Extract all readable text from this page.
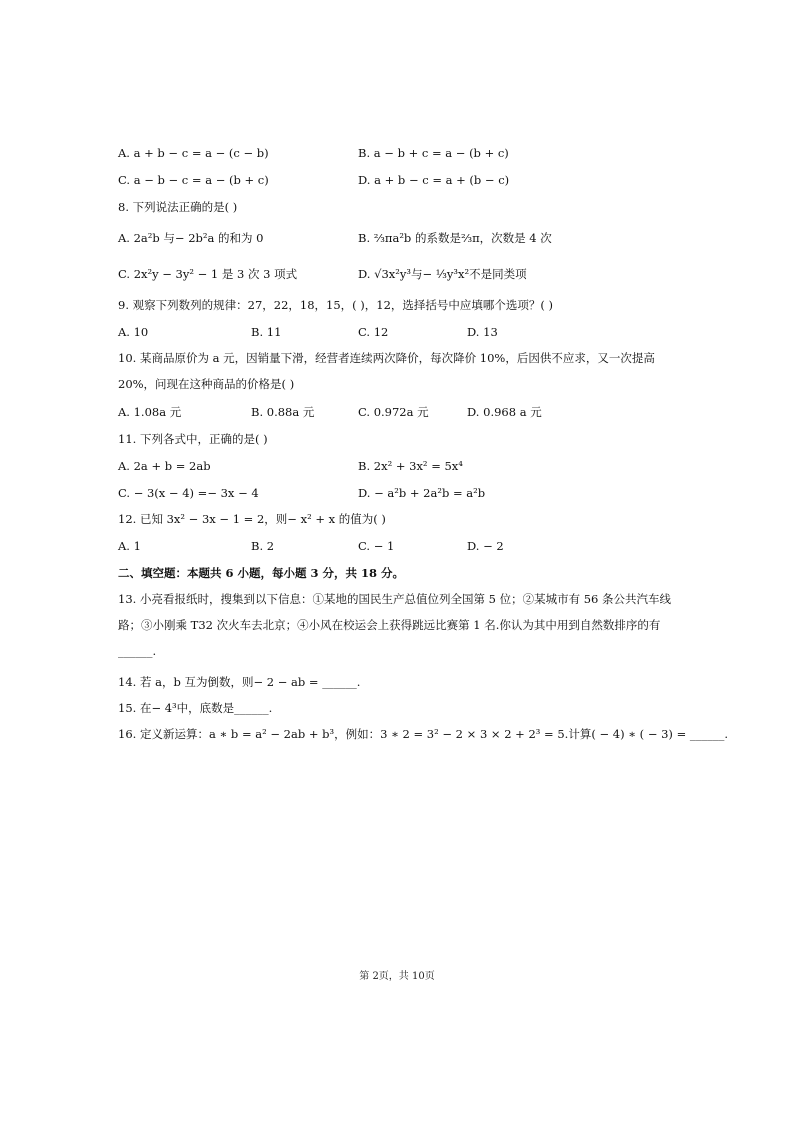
A. a + b − c = a − (c − b)	B. a − b + c = a − (b + c)
C. a − b − c = a − (b + c)	D. a + b − c = a + (b − c)
8. 下列说法正确的是( )
A. 2a²b 与− 2b²a 的和为 0	B. ⅔πa²b 的系数是⅔π，次数是 4 次
C. 2x²y − 3y² − 1 是 3 次 3 项式	D. √3x²y³与− ⅓y³x²不是同类项
9. 观察下列数列的规律：27，22，18，15，( )，12，选择括号中应填哪个选项？( )
A. 10	B. 11	C. 12	D. 13
10. 某商品原价为 a 元，因销量下滑，经营者连续两次降价，每次降价 10%，后因供不应求，又一次提高 20%，问现在这种商品的价格是( )
A. 1.08a 元	B. 0.88a 元	C. 0.972a 元	D. 0.968 a 元
11. 下列各式中，正确的是( )
A. 2a + b = 2ab	B. 2x² + 3x² = 5x⁴
C. − 3(x − 4) =− 3x − 4	D. − a²b + 2a²b = a²b
12. 已知 3x² − 3x − 1 = 2，则− x² + x 的值为( )
A. 1	B. 2	C. − 1	D. − 2
二、填空题：本题共 6 小题，每小题 3 分，共 18 分。
13. 小亮看报纸时，搜集到以下信息：①某地的国民生产总值位列全国第 5 位；②某城市有 56 条公共汽车线路；③小刚乘 T32 次火车去北京；④小风在校运会上获得跳远比赛第 1 名.你认为其中用到自然数排序的有______.
14. 若 a，b 互为倒数，则− 2 − ab = ______.
15. 在− 4³中，底数是______.
16. 定义新运算：a ∗ b = a² − 2ab + b³，例如：3 ∗ 2 = 3² − 2 × 3 × 2 + 2³ = 5.计算( − 4) ∗ ( − 3) = ______.
第 2页，共 10页
